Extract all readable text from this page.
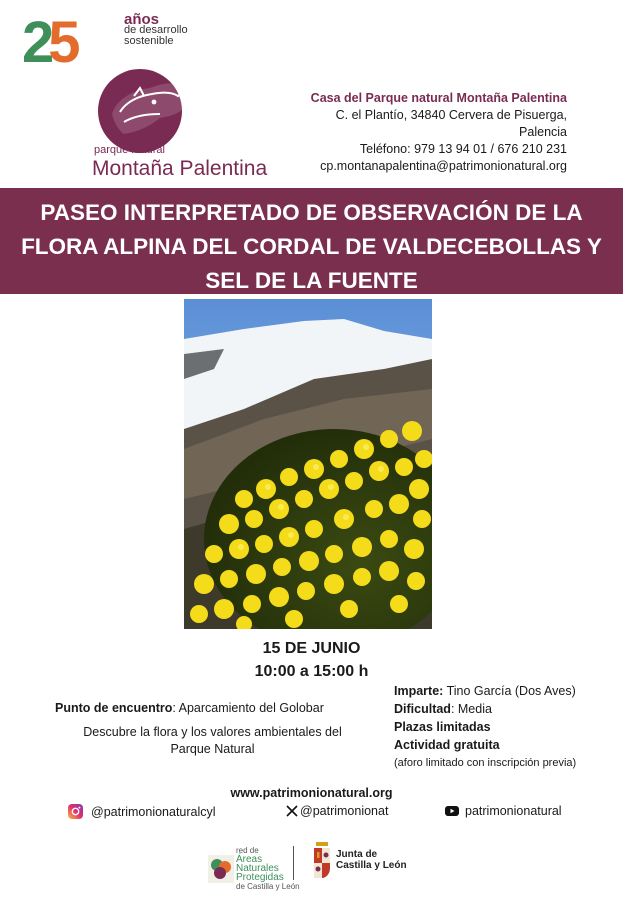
25	años
de desarrollo
sostenible
parque natural
Montaña Palentina
Casa del Parque natural Montaña Palentina
C. el Plantío, 34840 Cervera de Pisuerga,
Palencia
Teléfono: 979 13 94 01 / 676 210 231
cp.montanapalentina@patrimonionatural.org
PASEO INTERPRETADO DE OBSERVACIÓN DE LA
FLORA ALPINA DEL CORDAL DE VALDECEBOLLAS Y
SEL DE LA FUENTE
15 DE JUNIO
10:00 a 15:00 h
Punto de encuentro: Aparcamiento del Golobar
Descubre la flora y los valores ambientales del
Parque Natural
Imparte: Tino García (Dos Aves)
Dificultad: Media
Plazas limitadas
Actividad gratuita
(aforo limitado con inscripción previa)
www.patrimonionatural.org
@patrimonionaturalcyl	@patrimonionat	patrimonionatural
red de
Áreas
Naturales
Protegidas
de Castilla y León
Junta de
Castilla y León
